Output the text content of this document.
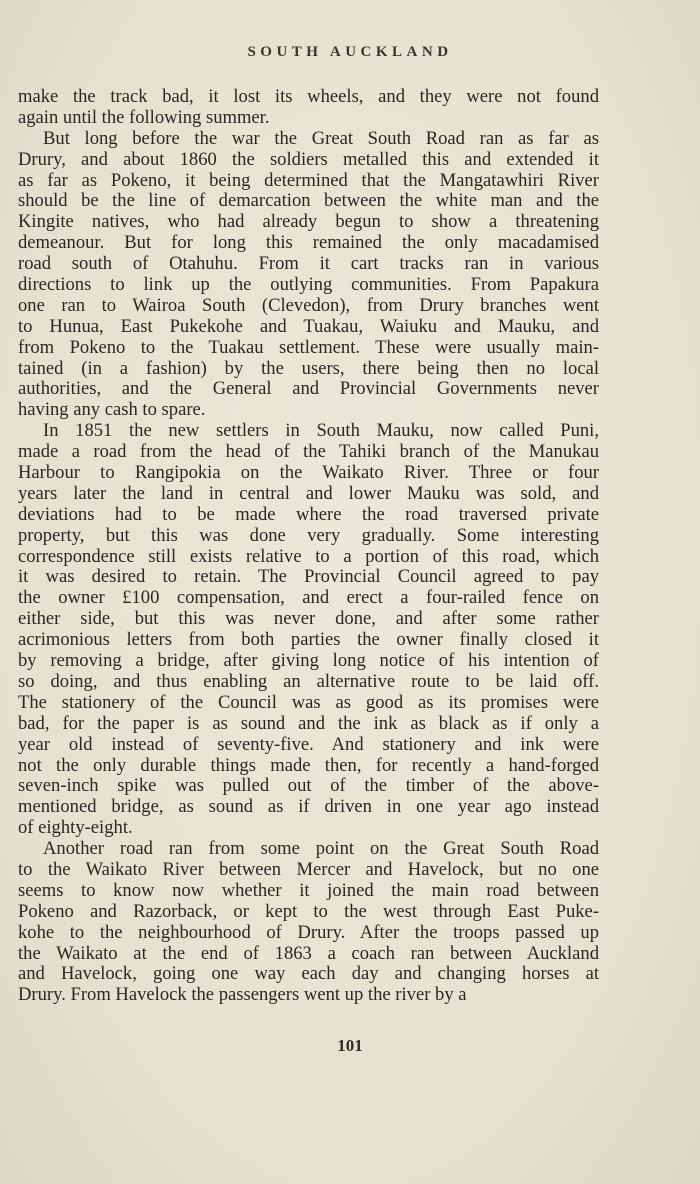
SOUTH AUCKLAND
make the track bad, it lost its wheels, and they were not found
again until the following summer.
But long before the war the Great South Road ran as far as
Drury, and about 1860 the soldiers metalled this and extended it
as far as Pokeno, it being determined that the Mangatawhiri River
should be the line of demarcation between the white man and the
Kingite natives, who had already begun to show a threatening
demeanour. But for long this remained the only macadamised
road south of Otahuhu. From it cart tracks ran in various
directions to link up the outlying communities. From Papakura
one ran to Wairoa South (Clevedon), from Drury branches went
to Hunua, East Pukekohe and Tuakau, Waiuku and Mauku, and
from Pokeno to the Tuakau settlement. These were usually main-
tained (in a fashion) by the users, there being then no local
authorities, and the General and Provincial Governments never
having any cash to spare.
In 1851 the new settlers in South Mauku, now called Puni,
made a road from the head of the Tahiki branch of the Manukau
Harbour to Rangipokia on the Waikato River. Three or four
years later the land in central and lower Mauku was sold, and
deviations had to be made where the road traversed private
property, but this was done very gradually. Some interesting
correspondence still exists relative to a portion of this road, which
it was desired to retain. The Provincial Council agreed to pay
the owner £100 compensation, and erect a four-railed fence on
either side, but this was never done, and after some rather
acrimonious letters from both parties the owner finally closed it
by removing a bridge, after giving long notice of his intention of
so doing, and thus enabling an alternative route to be laid off.
The stationery of the Council was as good as its promises were
bad, for the paper is as sound and the ink as black as if only a
year old instead of seventy-five. And stationery and ink were
not the only durable things made then, for recently a hand-forged
seven-inch spike was pulled out of the timber of the above-
mentioned bridge, as sound as if driven in one year ago instead
of eighty-eight.
Another road ran from some point on the Great South Road
to the Waikato River between Mercer and Havelock, but no one
seems to know now whether it joined the main road between
Pokeno and Razorback, or kept to the west through East Puke-
kohe to the neighbourhood of Drury. After the troops passed up
the Waikato at the end of 1863 a coach ran between Auckland
and Havelock, going one way each day and changing horses at
Drury. From Havelock the passengers went up the river by a
101
